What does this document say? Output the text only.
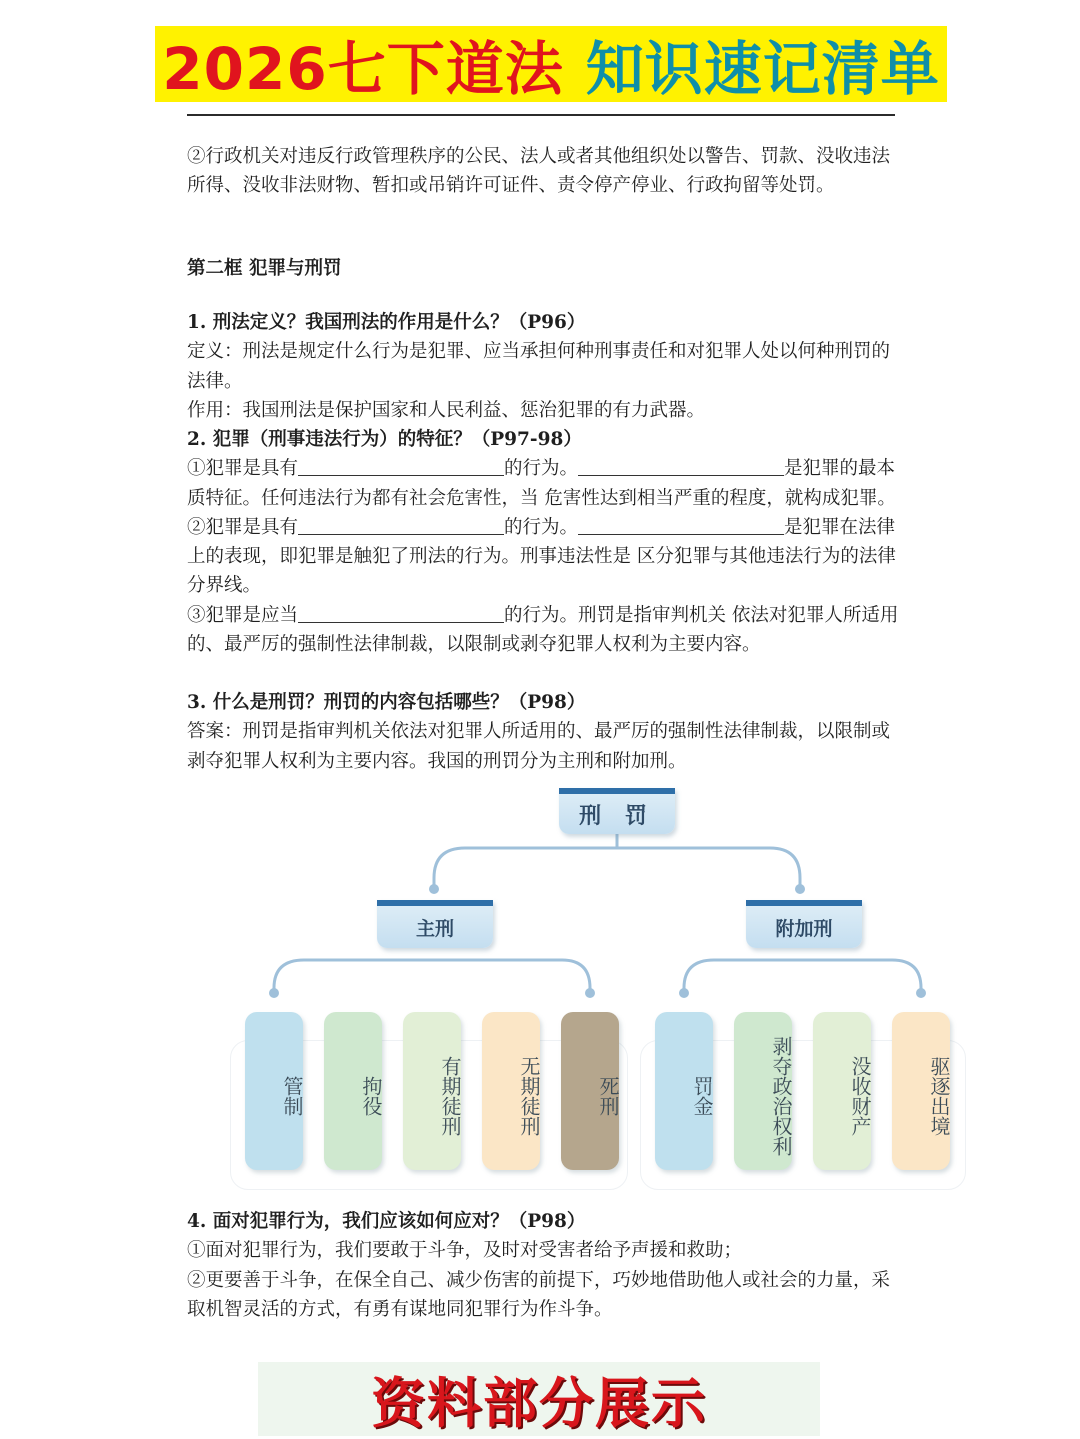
2026七下道法 知识速记清单
②行政机关对违反行政管理秩序的公民、法人或者其他组织处以警告、罚款、没收违法所得、没收非法财物、暂扣或吊销许可证件、责令停产停业、行政拘留等处罚。
第二框 犯罪与刑罚
1. 刑法定义？我国刑法的作用是什么？（P96）
定义：刑法是规定什么行为是犯罪、应当承担何种刑事责任和对犯罪人处以何种刑罚的法律。
作用：我国刑法是保护国家和人民利益、惩治犯罪的有力武器。
2. 犯罪（刑事违法行为）的特征？（P97-98）
①犯罪是具有	的行为。	是犯罪的最本质特征。任何违法行为都有社会危害性，当 危害性达到相当严重的程度，就构成犯罪。
②犯罪是具有	的行为。	是犯罪在法律上的表现，即犯罪是触犯了刑法的行为。刑事违法性是 区分犯罪与其他违法行为的法律分界线。
③犯罪是应当	的行为。刑罚是指审判机关 依法对犯罪人所适用的、最严厉的强制性法律制裁，以限制或剥夺犯罪人权利为主要内容。
3. 什么是刑罚？刑罚的内容包括哪些？（P98）
答案：刑罚是指审判机关依法对犯罪人所适用的、最严厉的强制性法律制裁，以限制或剥夺犯罪人权利为主要内容。我国的刑罚分为主刑和附加刑。
刑 罚
主刑	附加刑
管制	拘役	有期徒刑	无期徒刑	死刑	罚金	剥夺政治权利	没收财产	驱逐出境
4. 面对犯罪行为，我们应该如何应对？（P98）
①面对犯罪行为，我们要敢于斗争，及时对受害者给予声援和救助；
②更要善于斗争，在保全自己、减少伤害的前提下，巧妙地借助他人或社会的力量，采取机智灵活的方式，有勇有谋地同犯罪行为作斗争。
资料部分展示
